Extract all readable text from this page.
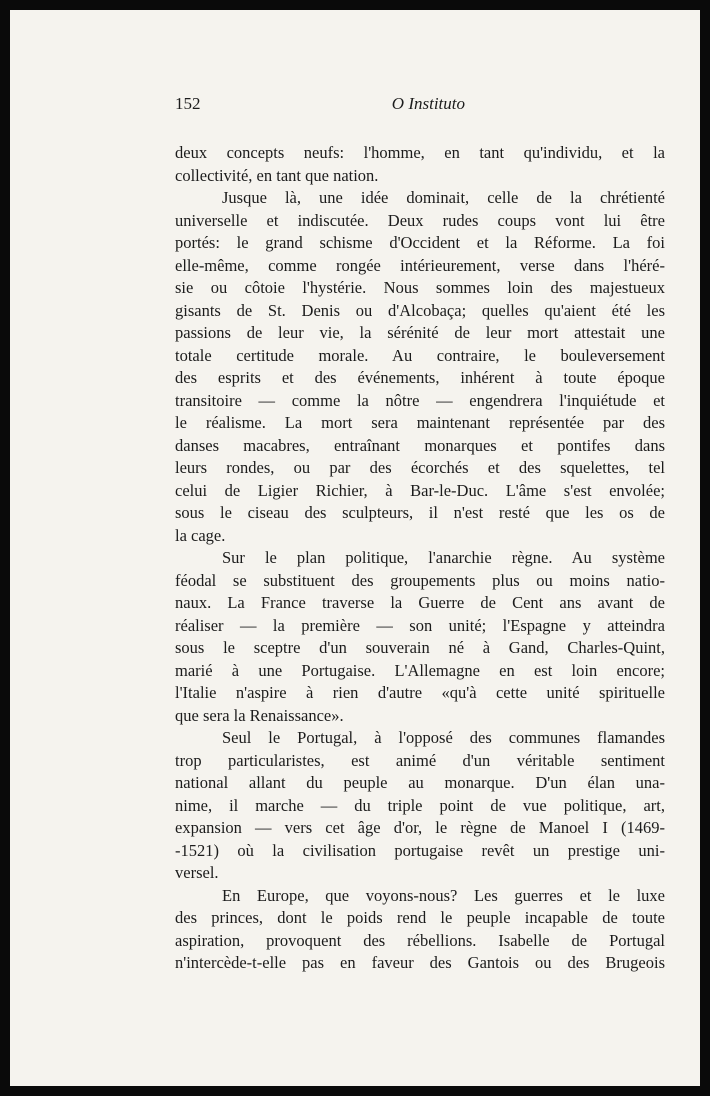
152	O Instituto
deux concepts neufs: l'homme, en tant qu'individu, et la
collectivité, en tant que nation.
Jusque là, une idée dominait, celle de la chrétienté
universelle et indiscutée. Deux rudes coups vont lui être
portés: le grand schisme d'Occident et la Réforme. La foi
elle-même, comme rongée intérieurement, verse dans l'héré-
sie ou côtoie l'hystérie. Nous sommes loin des majestueux
gisants de St. Denis ou d'Alcobaça; quelles qu'aient été les
passions de leur vie, la sérénité de leur mort attestait une
totale certitude morale. Au contraire, le bouleversement
des esprits et des événements, inhérent à toute époque
transitoire — comme la nôtre — engendrera l'inquiétude et
le réalisme. La mort sera maintenant représentée par des
danses macabres, entraînant monarques et pontifes dans
leurs rondes, ou par des écorchés et des squelettes, tel
celui de Ligier Richier, à Bar-le-Duc. L'âme s'est envolée;
sous le ciseau des sculpteurs, il n'est resté que les os de
la cage.
Sur le plan politique, l'anarchie règne. Au système
féodal se substituent des groupements plus ou moins natio-
naux. La France traverse la Guerre de Cent ans avant de
réaliser — la première — son unité; l'Espagne y atteindra
sous le sceptre d'un souverain né à Gand, Charles-Quint,
marié à une Portugaise. L'Allemagne en est loin encore;
l'Italie n'aspire à rien d'autre «qu'à cette unité spirituelle
que sera la Renaissance».
Seul le Portugal, à l'opposé des communes flamandes
trop particularistes, est animé d'un véritable sentiment
national allant du peuple au monarque. D'un élan una-
nime, il marche — du triple point de vue politique, art,
expansion — vers cet âge d'or, le règne de Manoel I (1469-
-1521) où la civilisation portugaise revêt un prestige uni-
versel.
En Europe, que voyons-nous? Les guerres et le luxe
des princes, dont le poids rend le peuple incapable de toute
aspiration, provoquent des rébellions. Isabelle de Portugal
n'intercède-t-elle pas en faveur des Gantois ou des Brugeois
